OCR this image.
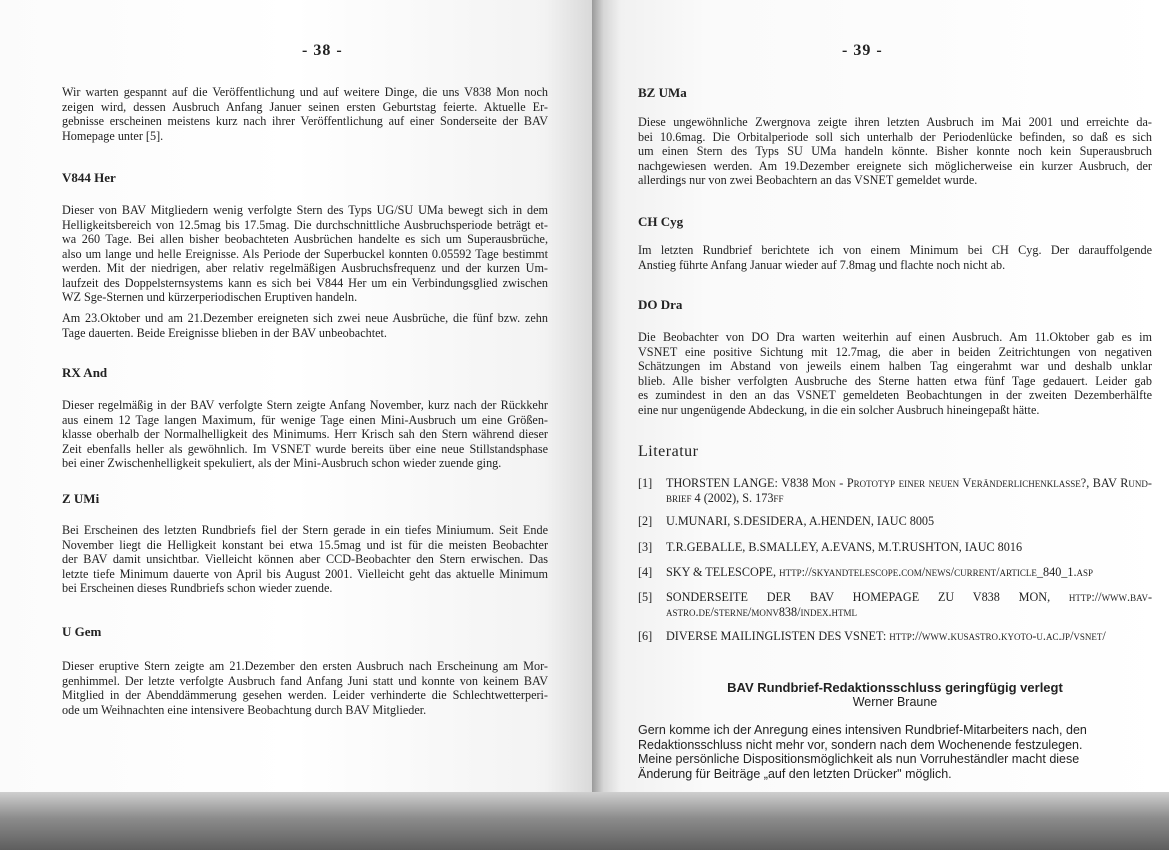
- 38 -	- 39 -
Wir warten gespannt auf die Veröffentlichung und auf weitere Dinge, die uns V838 Mon noch
zeigen wird, dessen Ausbruch Anfang Januer seinen ersten Geburtstag feierte. Aktuelle Er-
gebnisse erscheinen meistens kurz nach ihrer Veröffentlichung auf einer Sonderseite der BAV
Homepage unter [5].
V844 Her
Dieser von BAV Mitgliedern wenig verfolgte Stern des Typs UG/SU UMa bewegt sich in dem
Helligkeitsbereich von 12.5mag bis 17.5mag. Die durchschnittliche Ausbruchsperiode beträgt et-
wa 260 Tage. Bei allen bisher beobachteten Ausbrüchen handelte es sich um Superausbrüche,
also um lange und helle Ereignisse. Als Periode der Superbuckel konnten 0.05592 Tage bestimmt
werden. Mit der niedrigen, aber relativ regelmäßigen Ausbruchsfrequenz und der kurzen Um-
laufzeit des Doppelsternsystems kann es sich bei V844 Her um ein Verbindungsglied zwischen
WZ Sge-Sternen und kürzerperiodischen Eruptiven handeln.
Am 23.Oktober und am 21.Dezember ereigneten sich zwei neue Ausbrüche, die fünf bzw. zehn
Tage dauerten. Beide Ereignisse blieben in der BAV unbeobachtet.
RX And
Dieser regelmäßig in der BAV verfolgte Stern zeigte Anfang November, kurz nach der Rückkehr
aus einem 12 Tage langen Maximum, für wenige Tage einen Mini-Ausbruch um eine Größen-
klasse oberhalb der Normalhelligkeit des Minimums. Herr Krisch sah den Stern während dieser
Zeit ebenfalls heller als gewöhnlich. Im VSNET wurde bereits über eine neue Stillstandsphase
bei einer Zwischenhelligkeit spekuliert, als der Mini-Ausbruch schon wieder zuende ging.
Z UMi
Bei Erscheinen des letzten Rundbriefs fiel der Stern gerade in ein tiefes Miniumum. Seit Ende
November liegt die Helligkeit konstant bei etwa 15.5mag und ist für die meisten Beobachter
der BAV damit unsichtbar. Vielleicht können aber CCD-Beobachter den Stern erwischen. Das
letzte tiefe Minimum dauerte von April bis August 2001. Vielleicht geht das aktuelle Minimum
bei Erscheinen dieses Rundbriefs schon wieder zuende.
U Gem
Dieser eruptive Stern zeigte am 21.Dezember den ersten Ausbruch nach Erscheinung am Mor-
genhimmel. Der letzte verfolgte Ausbruch fand Anfang Juni statt und konnte von keinem BAV
Mitglied in der Abenddämmerung gesehen werden. Leider verhinderte die Schlechtwetterperi-
ode um Weihnachten eine intensivere Beobachtung durch BAV Mitglieder.
BZ UMa
Diese ungewöhnliche Zwergnova zeigte ihren letzten Ausbruch im Mai 2001 und erreichte da-
bei 10.6mag. Die Orbitalperiode soll sich unterhalb der Periodenlücke befinden, so daß es sich
um einen Stern des Typs SU UMa handeln könnte. Bisher konnte noch kein Superausbruch
nachgewiesen werden. Am 19.Dezember ereignete sich möglicherweise ein kurzer Ausbruch, der
allerdings nur von zwei Beobachtern an das VSNET gemeldet wurde.
CH Cyg
Im letzten Rundbrief berichtete ich von einem Minimum bei CH Cyg. Der darauffolgende
Anstieg führte Anfang Januar wieder auf 7.8mag und flachte noch nicht ab.
DO Dra
Die Beobachter von DO Dra warten weiterhin auf einen Ausbruch. Am 11.Oktober gab es im
VSNET eine positive Sichtung mit 12.7mag, die aber in beiden Zeitrichtungen von negativen
Schätzungen im Abstand von jeweils einem halben Tag eingerahmt war und deshalb unklar
blieb. Alle bisher verfolgten Ausbruche des Sterne hatten etwa fünf Tage gedauert. Leider gab
es zumindest in den an das VSNET gemeldeten Beobachtungen in der zweiten Dezemberhälfte
eine nur ungenügende Abdeckung, in die ein solcher Ausbruch hineingepaßt hätte.
Literatur
[1] THORSTEN LANGE: V838 Mon - Prototyp einer neuen Veränderlichenklasse?, BAV Rund-
brief 4 (2002), S. 173ff
[2] U.MUNARI, S.DESIDERA, A.HENDEN, IAUC 8005
[3] T.R.GEBALLE, B.SMALLEY, A.EVANS, M.T.RUSHTON, IAUC 8016
[4] SKY & TELESCOPE, http://skyandtelescope.com/news/current/article_840_1.asp
[5] SONDERSEITE DER BAV HOMEPAGE ZU V838 MON, http://www.bav-
astro.de/sterne/monv838/index.html
[6] DIVERSE MAILINGLISTEN DES VSNET: http://www.kusastro.kyoto-u.ac.jp/vsnet/
BAV Rundbrief-Redaktionsschluss geringfügig verlegt
Werner Braune
Gern komme ich der Anregung eines intensiven Rundbrief-Mitarbeiters nach, den
Redaktionsschluss nicht mehr vor, sondern nach dem Wochenende festzulegen.
Meine persönliche Dispositionsmöglichkeit als nun Vorruheständler macht diese
Änderung für Beiträge „auf den letzten Drücker" möglich.
